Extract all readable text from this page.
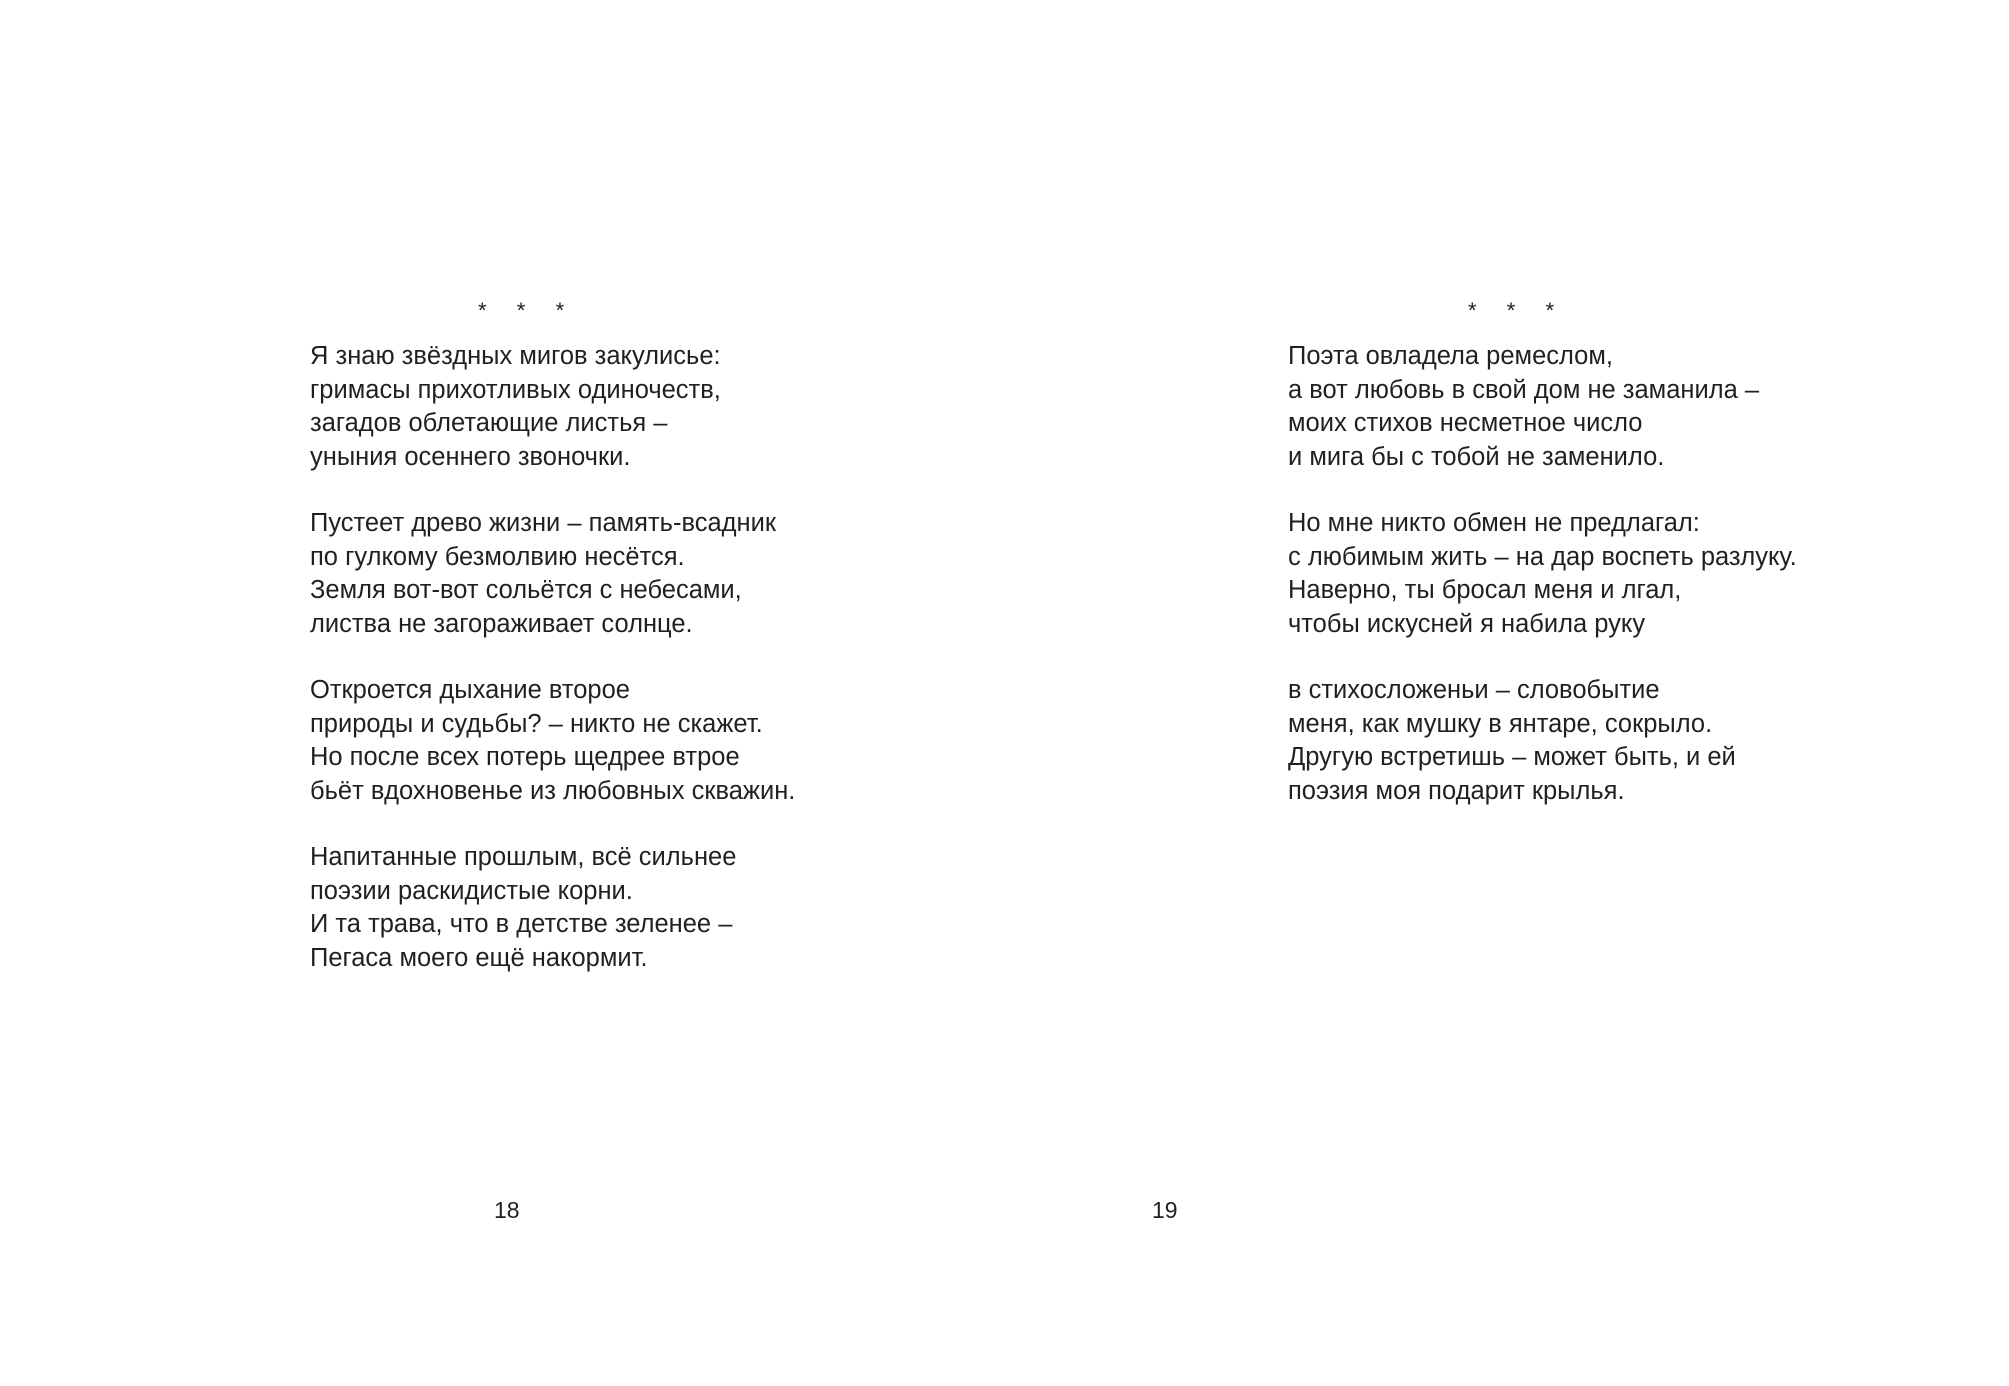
*  *  *
Я знаю звёздных мигов закулисье:
гримасы прихотливых одиночеств,
загадов облетающие листья –
уныния осеннего звоночки.
Пустеет древо жизни – память-всадник
по гулкому безмолвию несётся.
Земля вот-вот сольётся с небесами,
листва не загораживает солнце.
Откроется дыхание второе
природы и судьбы? – никто не скажет.
Но после всех потерь щедрее втрое
бьёт вдохновенье из любовных скважин.
Напитанные прошлым, всё сильнее
поэзии раскидистые корни.
И та трава, что в детстве зеленее –
Пегаса моего ещё накормит.
18
*  *  *
Поэта овладела ремеслом,
а вот любовь в свой дом не заманила –
моих стихов несметное число
и мига бы с тобой не заменило.
Но мне никто обмен не предлагал:
с любимым жить – на дар воспеть разлуку.
Наверно, ты бросал меня и лгал,
чтобы искусней я набила руку
в стихосложеньи – словобытие
меня, как мушку в янтаре, сокрыло.
Другую встретишь – может быть, и ей
поэзия моя подарит крылья.
19
